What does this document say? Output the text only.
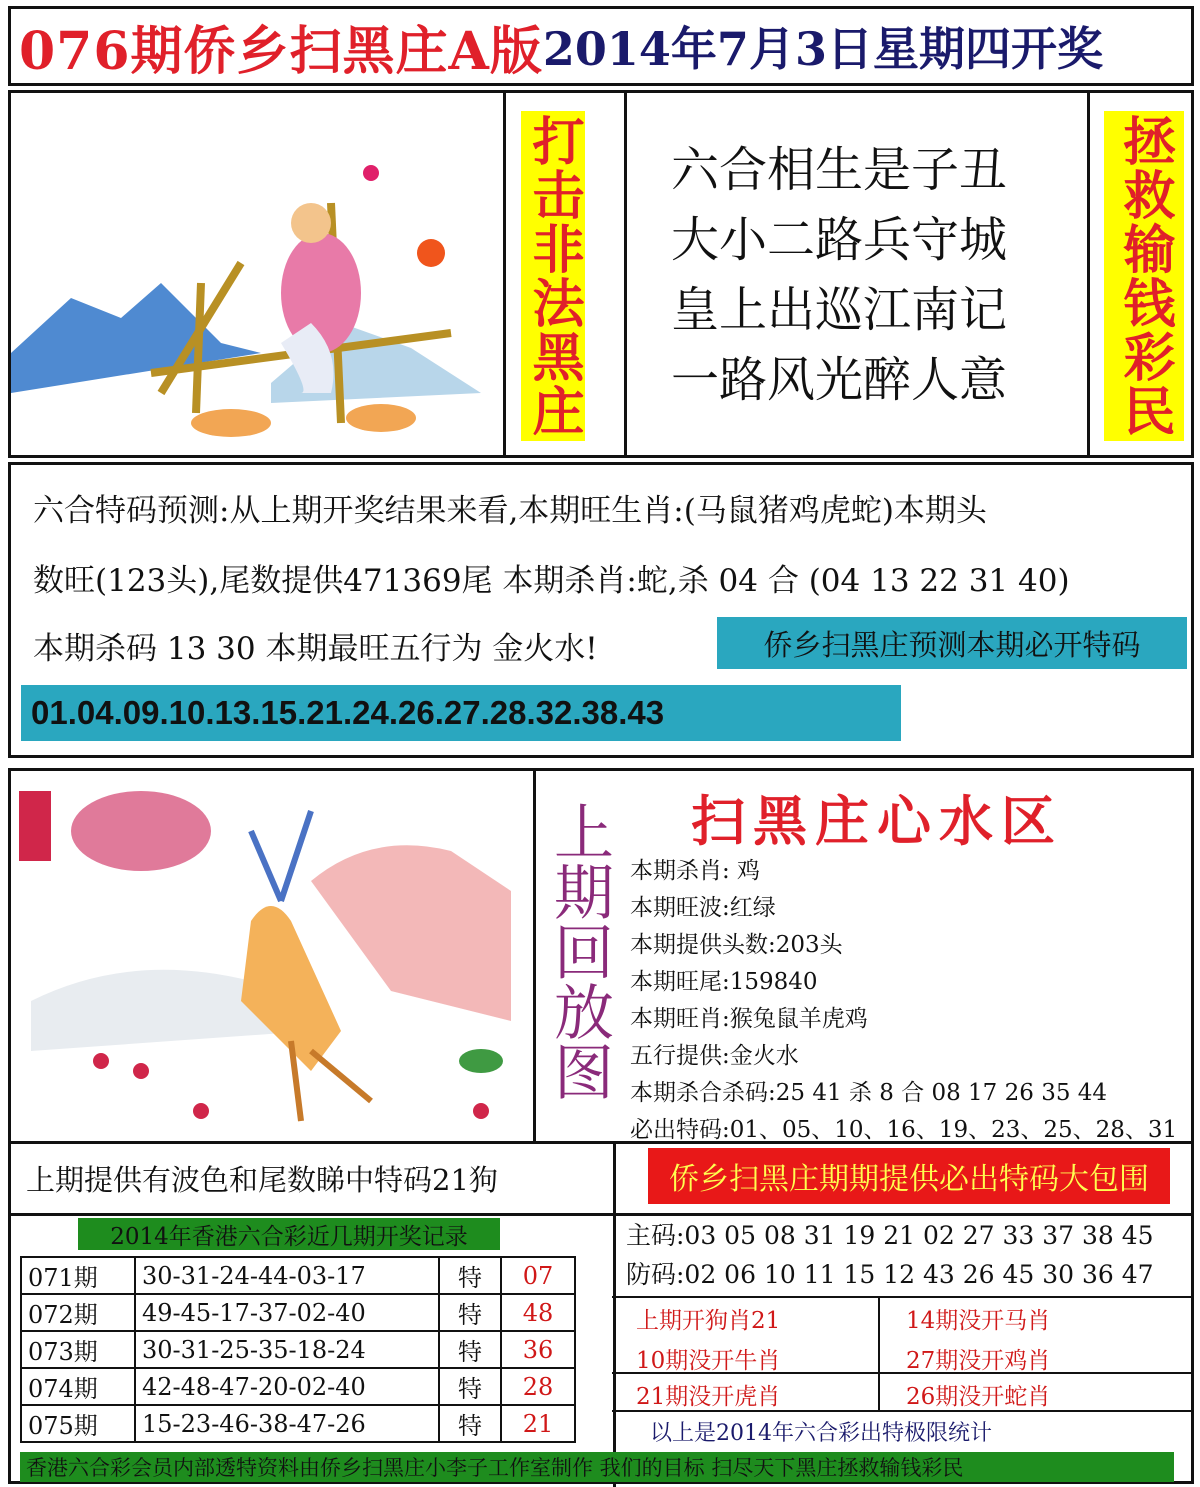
076期侨乡扫黑庄A版 2014年7月3日星期四开奖
打击非法黑庄	拯救输钱彩民
六合相生是子丑
大小二路兵守城
皇上出巡江南记
一路风光醉人意
六合特码预测:从上期开奖结果来看,本期旺生肖:(马鼠猪鸡虎蛇)本期头
数旺(123头),尾数提供471369尾 本期杀肖:蛇,杀 04 合 (04 13 22 31 40)
本期杀码 13 30 本期最旺五行为 金火水!	侨乡扫黑庄预测本期必开特码
01.04.09.10.13.15.21.24.26.27.28.32.38.43
上期回放图 扫黑庄心水区
本期杀肖: 鸡
本期旺波:红绿
本期提供头数:203头
本期旺尾:159840
本期旺肖:猴兔鼠羊虎鸡
五行提供:金火水
本期杀合杀码:25 41 杀 8 合 08 17 26 35 44
必出特码:01、05、10、16、19、23、25、28、31
上期提供有波色和尾数睇中特码21狗	侨乡扫黑庄期期提供必出特码大包围
2014年香港六合彩近几期开奖记录	主码:03 05 08 31 19 21 02 27 33 37 38 45
防码:02 06 10 11 15 12 43 26 45 30 36 47
071期	30-31-24-44-03-17	特	07
072期	49-45-17-37-02-40	特	48
073期	30-31-25-35-18-24	特	36
074期	42-48-47-20-02-40	特	28
075期	15-23-46-38-47-26	特	21
上期开狗肖21	14期没开马肖
10期没开牛肖	27期没开鸡肖
21期没开虎肖	26期没开蛇肖
以上是2014年六合彩出特极限统计
香港六合彩会员内部透特资料由侨乡扫黑庄小李子工作室制作 我们的目标 扫尽天下黑庄拯救输钱彩民
